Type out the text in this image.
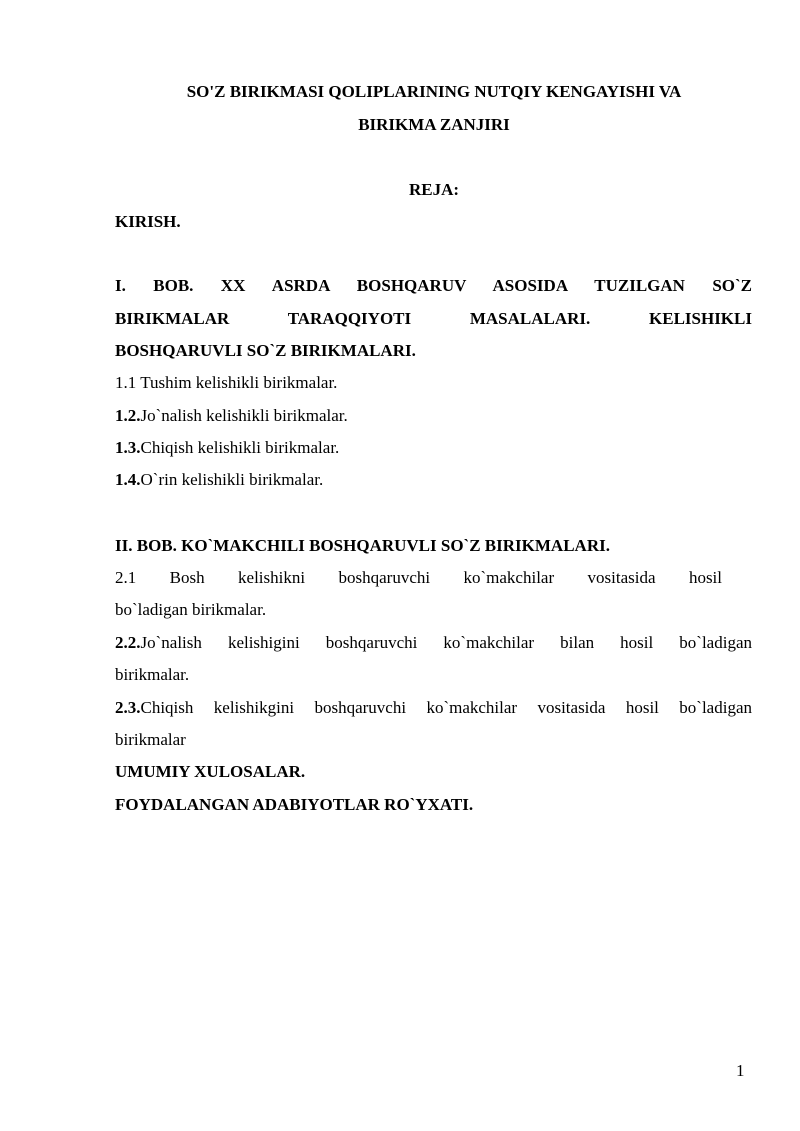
SO'Z BIRIKMASI QOLIPLARINING NUTQIY KENGAYISHI VA
BIRIKMA ZANJIRI
REJA:
KIRISH.
I. BOB. XX ASRDA BOSHQARUV ASOSIDA TUZILGAN SO`Z
BIRIKMALAR TARAQQIYOTI MASALALARI. KELISHIKLI
BOSHQARUVLI SO`Z BIRIKMALARI.
1.1 Tushim kelishikli birikmalar.
1.2.Jo`nalish kelishikli birikmalar.
1.3.Chiqish kelishikli birikmalar.
1.4.O`rin kelishikli birikmalar.
II. BOB. KO`MAKCHILI BOSHQARUVLI SO`Z BIRIKMALARI.
2.1 Bosh kelishikni boshqaruvchi ko`makchilar vositasida hosil
bo`ladigan birikmalar.
2.2.Jo`nalish kelishigini boshqaruvchi ko`makchilar bilan hosil bo`ladigan
birikmalar.
2.3.Chiqish kelishikgini boshqaruvchi ko`makchilar vositasida hosil bo`ladigan
birikmalar
UMUMIY XULOSALAR.
FOYDALANGAN ADABIYOTLAR RO`YXATI.
1
